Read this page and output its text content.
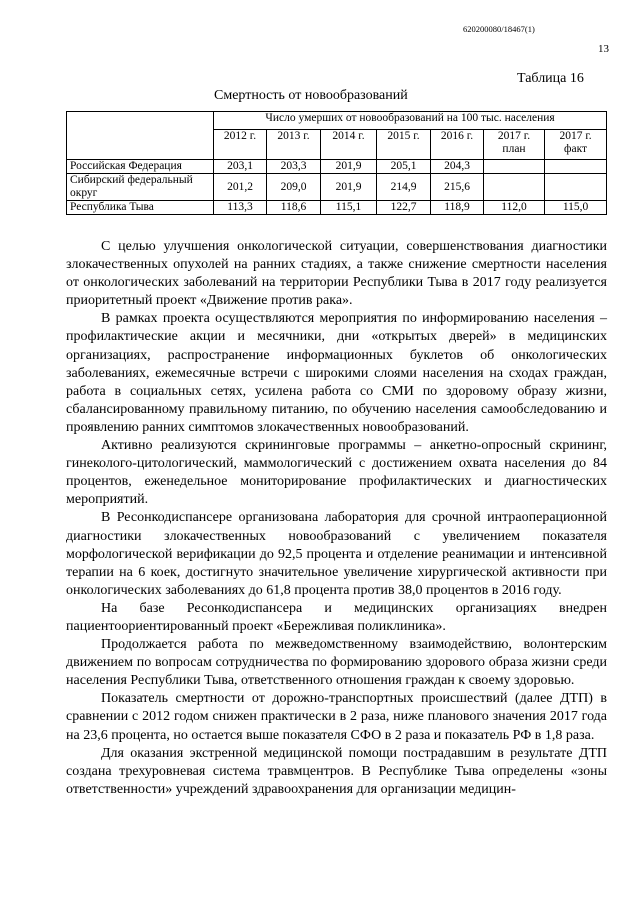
620200080/18467(1)
13
Таблица 16
Смертность от новообразований
	Число умерших от новообразований на 100 тыс. населения						
	2012 г.	2013 г.	2014 г.	2015 г.	2016 г.	2017 г. план	2017 г. факт
Российская Федерация	203,1	203,3	201,9	205,1	204,3		
Сибирский федеральный округ	201,2	209,0	201,9	214,9	215,6		
Республика Тыва	113,3	118,6	115,1	122,7	118,9	112,0	115,0

С целью улучшения онкологической ситуации, совершенствования диагностики злокачественных опухолей на ранних стадиях, а также снижение смертности населения от онкологических заболеваний на территории Республики Тыва в 2017 году реализуется приоритетный проект «Движение против рака».

В рамках проекта осуществляются мероприятия по информированию населения – профилактические акции и месячники, дни «открытых дверей» в медицинских организациях, распространение информационных буклетов об онкологических заболеваниях, ежемесячные встречи с широкими слоями населения на сходах граждан, работа в социальных сетях, усилена работа со СМИ по здоровому образу жизни, сбалансированному правильному питанию, по обучению населения самообследованию и проявлению ранних симптомов злокачественных новообразований.

Активно реализуются скрининговые программы – анкетно-опросный скрининг, гинеколого-цитологический, маммологический с достижением охвата населения до 84 процентов, еженедельное мониторирование профилактических и диагностических мероприятий.

В Ресонкодиспансере организована лаборатория для срочной интраоперационной диагностики злокачественных новообразований с увеличением показателя морфологической верификации до 92,5 процента и отделение реанимации и интенсивной терапии на 6 коек, достигнуто значительное увеличение хирургической активности при онкологических заболеваниях до 61,8 процента против 38,0 процентов в 2016 году.

На базе Ресонкодиспансера и медицинских организациях внедрен пациентоориентированный проект «Бережливая поликлиника».

Продолжается работа по межведомственному взаимодействию, волонтерским движением по вопросам сотрудничества по формированию здорового образа жизни среди населения Республики Тыва, ответственного отношения граждан к своему здоровью.

Показатель смертности от дорожно-транспортных происшествий (далее ДТП) в сравнении с 2012 годом снижен практически в 2 раза, ниже планового значения 2017 года на 23,6 процента, но остается выше показателя СФО в 2 раза и показатель РФ в 1,8 раза.

Для оказания экстренной медицинской помощи пострадавшим в результате ДТП создана трехуровневая система травмцентров. В Республике Тыва определены «зоны ответственности» учреждений здравоохранения для организации медицин-
